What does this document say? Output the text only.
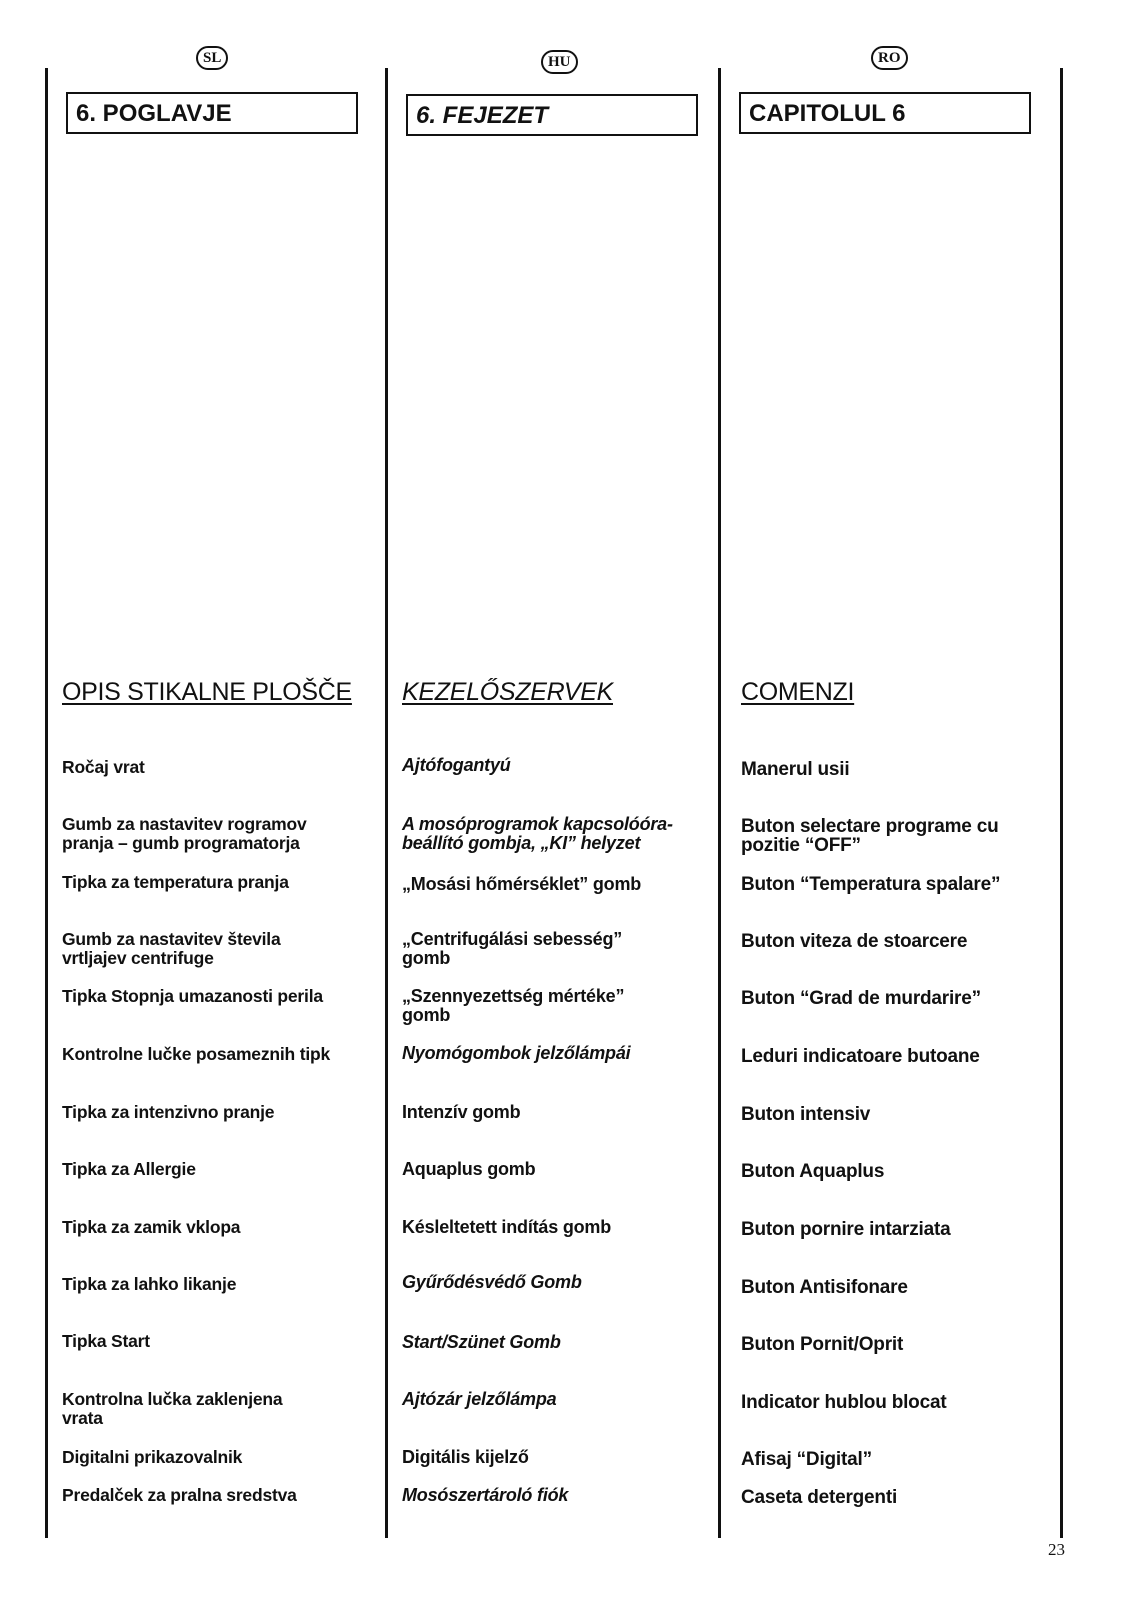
SL
6. POGLAVJE
OPIS STIKALNE PLOŠČE
Ročaj vrat
Gumb za nastavitev rogramov
pranja – gumb programatorja
Tipka za temperatura pranja
Gumb za nastavitev števila
vrtljajev centrifuge
Tipka Stopnja umazanosti perila
Kontrolne lučke posameznih tipk
Tipka za intenzivno pranje
Tipka za Allergie
Tipka za zamik vklopa
Tipka za lahko likanje
Tipka Start
Kontrolna lučka zaklenjena
vrata
Digitalni prikazovalnik
Predalček za pralna sredstva
HU
6. FEJEZET
KEZELŐSZERVEK
Ajtófogantyú
A mosóprogramok kapcsolóóra-
beállító gombja, „KI” helyzet
„Mosási hőmérséklet” gomb
„Centrifugálási sebesség”
gomb
„Szennyezettség mértéke”
gomb
Nyomógombok jelzőlámpái
Intenzív gomb
Aquaplus gomb
Késleltetett indítás gomb
Gyűrődésvédő Gomb
Start/Szünet Gomb
Ajtózár jelzőlámpa
Digitális kijelző
Mosószertároló fiók
RO
CAPITOLUL 6
COMENZI
Manerul usii
Buton selectare programe cu
pozitie “OFF”
Buton “Temperatura spalare”
Buton viteza de stoarcere
Buton “Grad de murdarire”
Leduri indicatoare butoane
Buton intensiv
Buton Aquaplus
Buton pornire intarziata
Buton Antisifonare
Buton Pornit/Oprit
Indicator hublou blocat
Afisaj “Digital”
Caseta detergenti
23
